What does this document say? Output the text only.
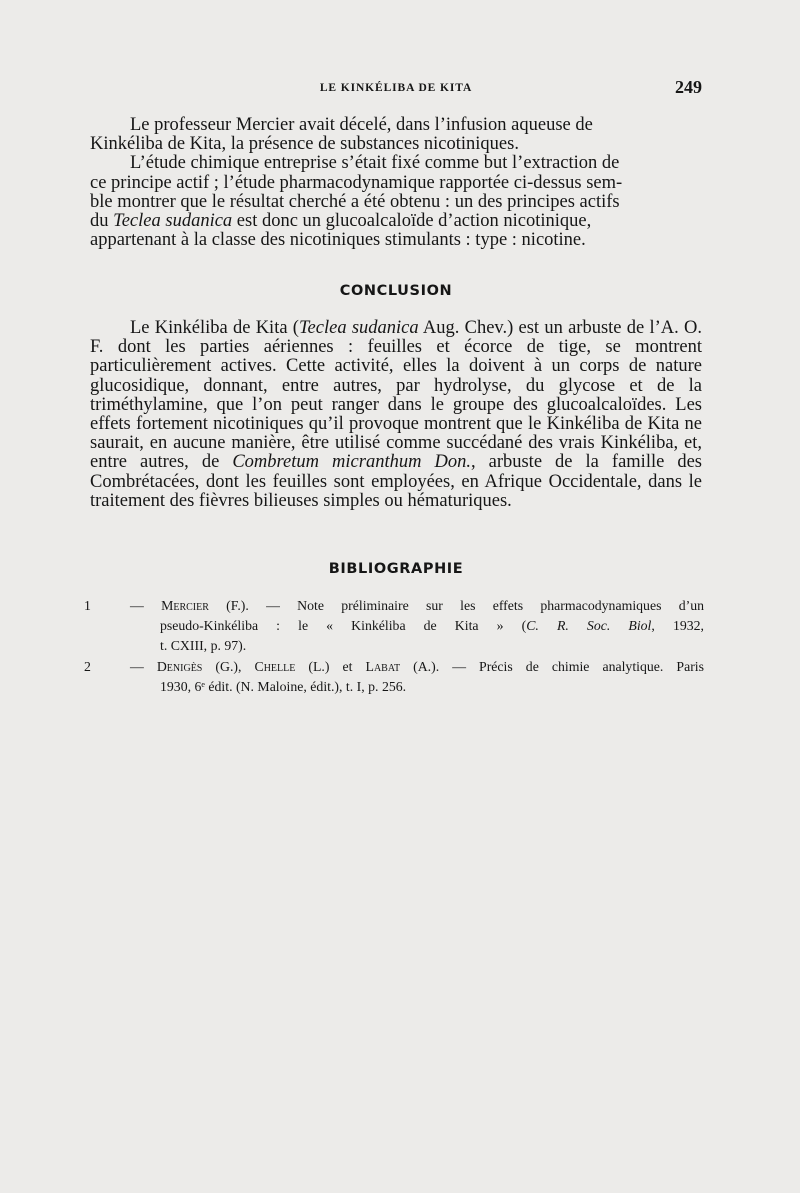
LE KINKÉLIBA DE KITA	249
Le professeur Mercier avait décelé, dans l’infusion aqueuse de
Kinkéliba de Kita, la présence de substances nicotiniques.
L’étude chimique entreprise s’était fixé comme but l’extraction de
ce principe actif ; l’étude pharmacodynamique rapportée ci-dessus sem-
ble montrer que le résultat cherché a été obtenu : un des principes actifs
du Teclea sudanica est donc un glucoalcaloïde d’action nicotinique,
appartenant à la classe des nicotiniques stimulants : type : nicotine.
CONCLUSION

Le Kinkéliba de Kita (Teclea sudanica Aug. Chev.) est un arbuste de l’A. O. F. dont les parties aériennes : feuilles et écorce de tige, se montrent particulièrement actives. Cette activité, elles la doivent à un corps de nature glucosidique, donnant, entre autres, par hydrolyse, du glycose et de la triméthylamine, que l’on peut ranger dans le groupe des glucoalcaloïdes. Les effets fortement nicotiniques qu’il provoque montrent que le Kinkéliba de Kita ne saurait, en aucune manière, être utilisé comme succédané des vrais Kinkéliba, et, entre autres, de Combretum micranthum Don., arbuste de la famille des Combrétacées, dont les feuilles sont employées, en Afrique Occidentale, dans le traitement des fièvres bilieuses simples ou hématuriques.

BIBLIOGRAPHIE
1	— Mercier (F.). — Note préliminaire sur les effets pharmacodynamiques d’un
pseudo-Kinkéliba : le « Kinkéliba de Kita » (C. R. Soc. Biol, 1932,
t. CXIII, p. 97).
2	— Denigès (G.), Chelle (L.) et Labat (A.). — Précis de chimie analytique. Paris
1930, 6ᵉ édit. (N. Maloine, édit.), t. I, p. 256.
